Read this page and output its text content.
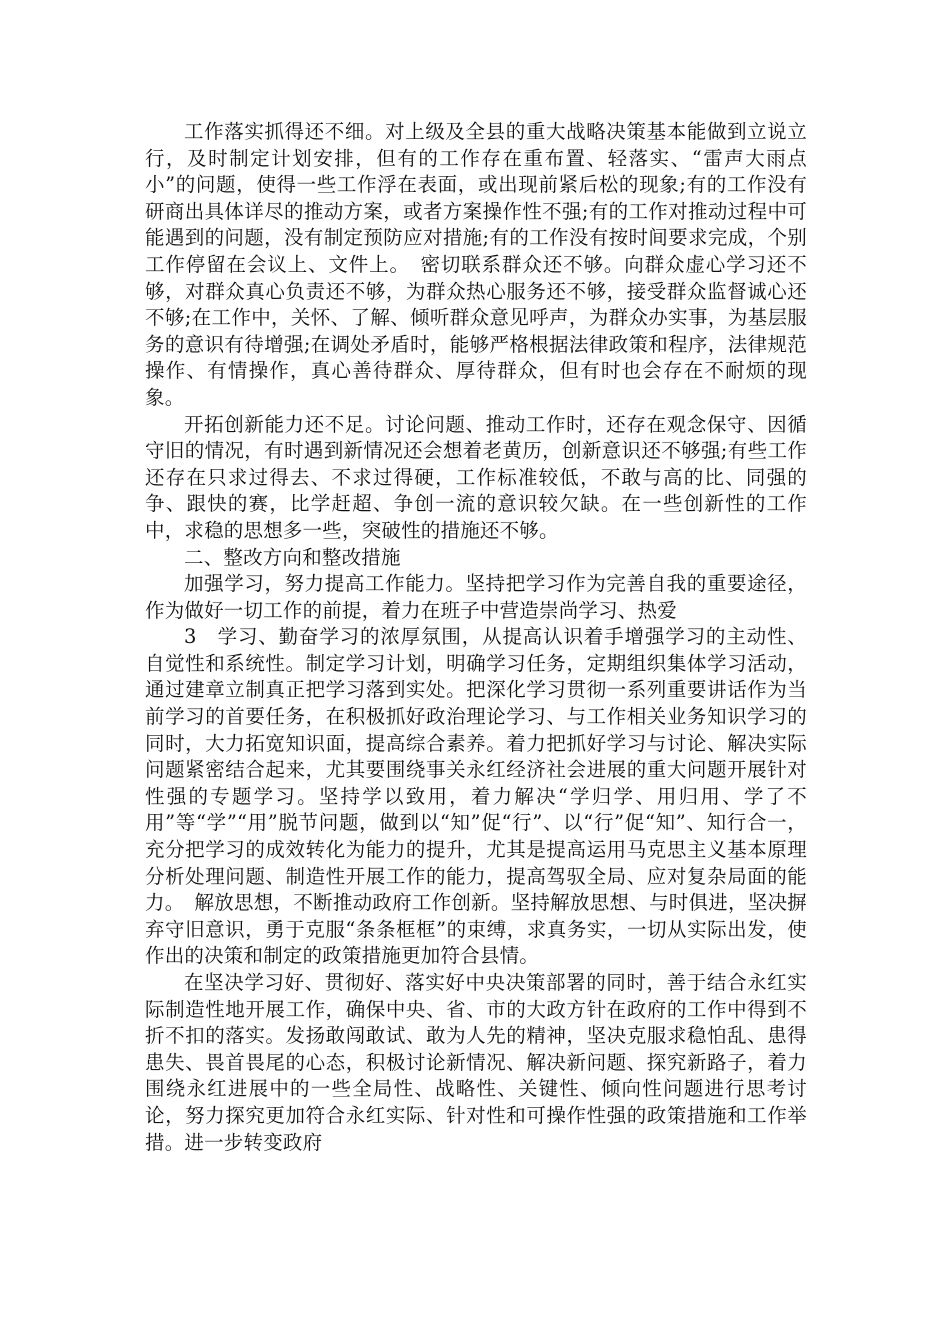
工作落实抓得还不细。对上级及全县的重大战略决策基本能做到立说立行，及时制定计划安排，但有的工作存在重布置、轻落实、“雷声大雨点小”的问题，使得一些工作浮在表面，或出现前紧后松的现象;有的工作没有研商出具体详尽的推动方案，或者方案操作性不强;有的工作对推动过程中可能遇到的问题，没有制定预防应对措施;有的工作没有按时间要求完成，个别工作停留在会议上、文件上。　密切联系群众还不够。向群众虚心学习还不够，对群众真心负责还不够，为群众热心服务还不够，接受群众监督诚心还不够;在工作中，关怀、了解、倾听群众意见呼声，为群众办实事，为基层服务的意识有待增强;在调处矛盾时，能够严格根据法律政策和程序，法律规范操作、有情操作，真心善待群众、厚待群众，但有时也会存在不耐烦的现象。

开拓创新能力还不足。讨论问题、推动工作时，还存在观念保守、因循守旧的情况，有时遇到新情况还会想着老黄历，创新意识还不够强;有些工作还存在只求过得去、不求过得硬，工作标准较低，不敢与高的比、同强的争、跟快的赛，比学赶超、争创一流的意识较欠缺。在一些创新性的工作中，求稳的思想多一些，突破性的措施还不够。

二、整改方向和整改措施

加强学习，努力提高工作能力。坚持把学习作为完善自我的重要途径，作为做好一切工作的前提，着力在班子中营造崇尚学习、热爱

3　学习、勤奋学习的浓厚氛围，从提高认识着手增强学习的主动性、自觉性和系统性。制定学习计划，明确学习任务，定期组织集体学习活动，通过建章立制真正把学习落到实处。把深化学习贯彻一系列重要讲话作为当前学习的首要任务，在积极抓好政治理论学习、与工作相关业务知识学习的同时，大力拓宽知识面，提高综合素养。着力把抓好学习与讨论、解决实际问题紧密结合起来，尤其要围绕事关永红经济社会进展的重大问题开展针对性强的专题学习。坚持学以致用，着力解决“学归学、用归用、学了不用”等“学”“用”脱节问题，做到以“知”促“行”、以“行”促“知”、知行合一，充分把学习的成效转化为能力的提升，尤其是提高运用马克思主义基本原理分析处理问题、制造性开展工作的能力，提高驾驭全局、应对复杂局面的能力。　解放思想，不断推动政府工作创新。坚持解放思想、与时俱进，坚决摒弃守旧意识，勇于克服“条条框框”的束缚，求真务实，一切从实际出发，使作出的决策和制定的政策措施更加符合县情。

在坚决学习好、贯彻好、落实好中央决策部署的同时，善于结合永红实际制造性地开展工作，确保中央、省、市的大政方针在政府的工作中得到不折不扣的落实。发扬敢闯敢试、敢为人先的精神，坚决克服求稳怕乱、患得患失、畏首畏尾的心态，积极讨论新情况、解决新问题、探究新路子，着力围绕永红进展中的一些全局性、战略性、关键性、倾向性问题进行思考讨论，努力探究更加符合永红实际、针对性和可操作性强的政策措施和工作举措。进一步转变政府
